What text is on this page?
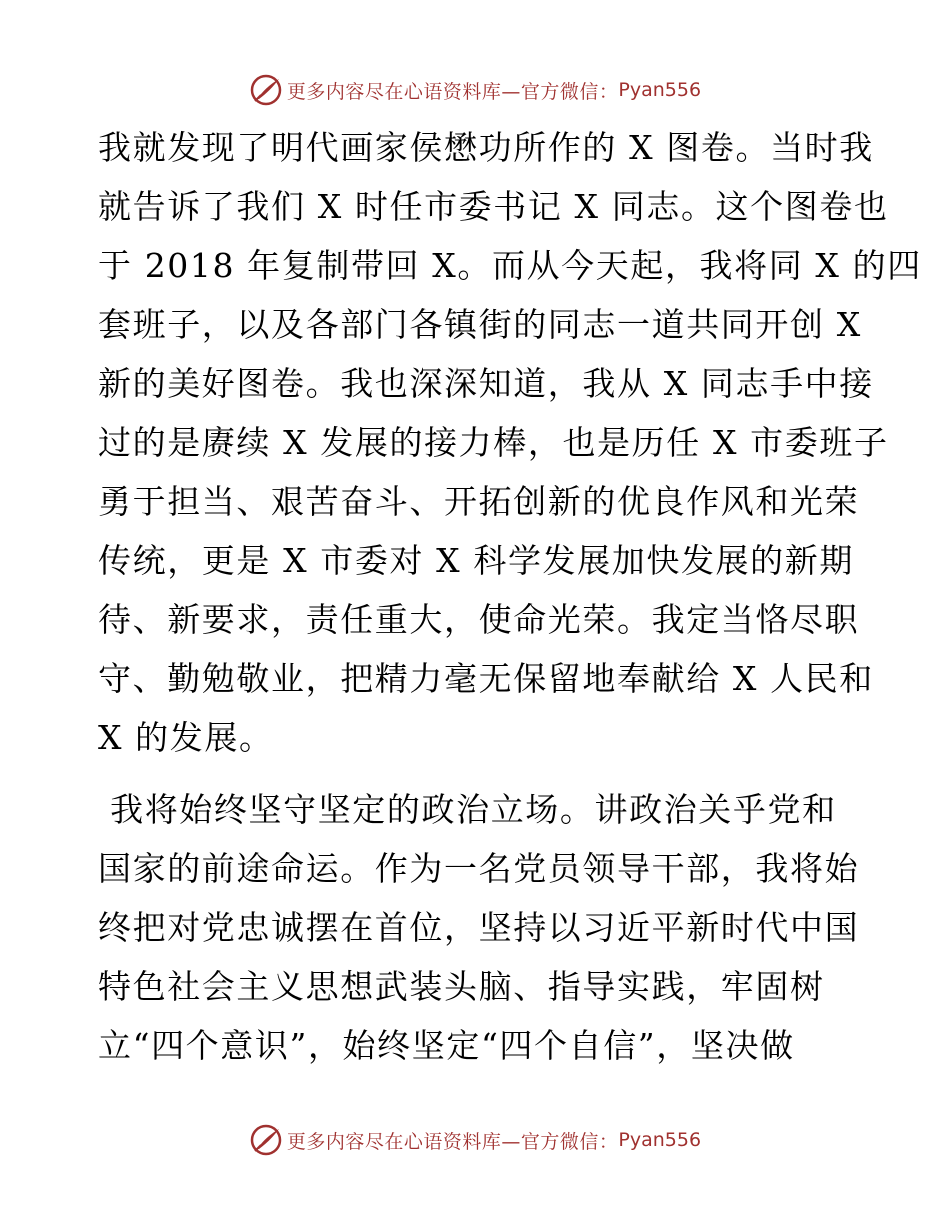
更多内容尽在心语资料库—官方微信： Pyan556
我就发现了明代画家侯懋功所作的 X 图卷。当时我
就告诉了我们 X 时任市委书记 X 同志。这个图卷也
于 2018 年复制带回 X。而从今天起，我将同 X 的四
套班子，以及各部门各镇街的同志一道共同开创 X
新的美好图卷。我也深深知道，我从 X 同志手中接
过的是赓续 X 发展的接力棒，也是历任 X 市委班子
勇于担当、艰苦奋斗、开拓创新的优良作风和光荣
传统，更是 X 市委对 X 科学发展加快发展的新期
待、新要求，责任重大，使命光荣。我定当恪尽职
守、勤勉敬业，把精力毫无保留地奉献给 X 人民和
X 的发展。
我将始终坚守坚定的政治立场。讲政治关乎党和
国家的前途命运。作为一名党员领导干部，我将始
终把对党忠诚摆在首位，坚持以习近平新时代中国
特色社会主义思想武装头脑、指导实践，牢固树
立“四个意识”，始终坚定“四个自信”，坚决做
更多内容尽在心语资料库—官方微信： Pyan556
